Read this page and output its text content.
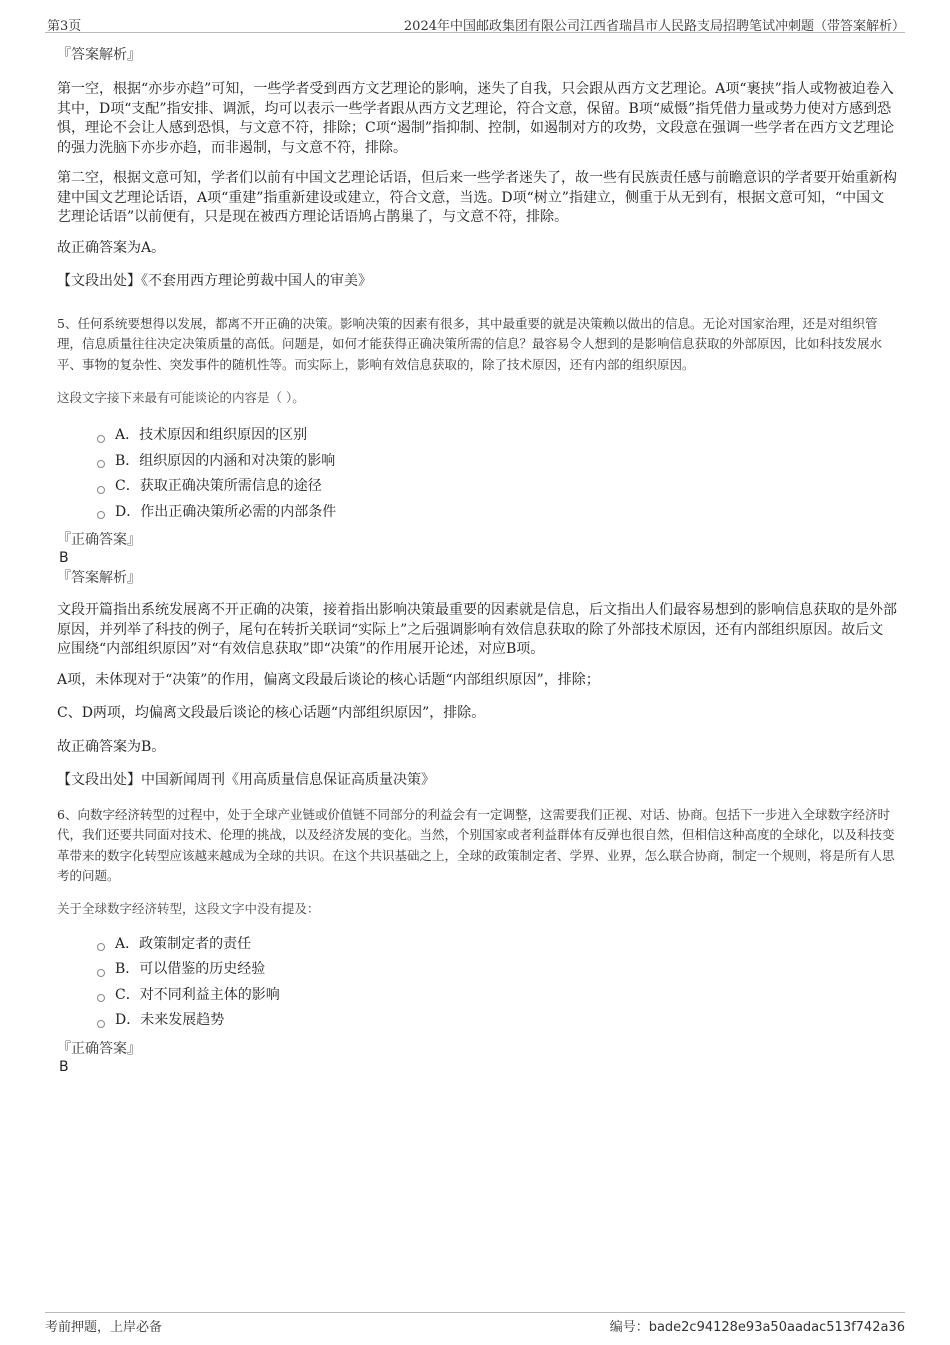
第3页	2024年中国邮政集团有限公司江西省瑞昌市人民路支局招聘笔试冲刺题（带答案解析）
『答案解析』

第一空，根据“亦步亦趋”可知，一些学者受到西方文艺理论的影响，迷失了自我，只会跟从西方文艺理论。A项“裹挟”指人或物被迫卷入其中，D项“支配”指安排、调派，均可以表示一些学者跟从西方文艺理论，符合文意，保留。B项“威慑”指凭借力量或势力使对方感到恐惧，理论不会让人感到恐惧，与文意不符，排除；C项“遏制”指抑制、控制，如遏制对方的攻势，文段意在强调一些学者在西方文艺理论的强力洗脑下亦步亦趋，而非遏制，与文意不符，排除。

第二空，根据文意可知，学者们以前有中国文艺理论话语，但后来一些学者迷失了，故一些有民族责任感与前瞻意识的学者要开始重新构建中国文艺理论话语，A项“重建”指重新建设或建立，符合文意，当选。D项“树立”指建立，侧重于从无到有，根据文意可知，“中国文艺理论话语”以前便有，只是现在被西方理论话语鸠占鹊巢了，与文意不符，排除。

故正确答案为A。

【文段出处】《不套用西方理论剪裁中国人的审美》

5、任何系统要想得以发展，都离不开正确的决策。影响决策的因素有很多，其中最重要的就是决策赖以做出的信息。无论对国家治理，还是对组织管理，信息质量往往决定决策质量的高低。问题是，如何才能获得正确决策所需的信息？最容易令人想到的是影响信息获取的外部原因，比如科技发展水平、事物的复杂性、突发事件的随机性等。而实际上，影响有效信息获取的，除了技术原因，还有内部的组织原因。

这段文字接下来最有可能谈论的内容是（ ）。

A．技术原因和组织原因的区别
B．组织原因的内涵和对决策的影响
C．获取正确决策所需信息的途径
D．作出正确决策所必需的内部条件
『正确答案』
B
『答案解析』

文段开篇指出系统发展离不开正确的决策，接着指出影响决策最重要的因素就是信息，后文指出人们最容易想到的影响信息获取的是外部原因，并列举了科技的例子，尾句在转折关联词“实际上”之后强调影响有效信息获取的除了外部技术原因，还有内部组织原因。故后文应围绕“内部组织原因”对“有效信息获取”即“决策”的作用展开论述，对应B项。

A项，未体现对于“决策”的作用，偏离文段最后谈论的核心话题“内部组织原因”，排除；

C、D两项，均偏离文段最后谈论的核心话题“内部组织原因”，排除。

故正确答案为B。

【文段出处】中国新闻周刊《用高质量信息保证高质量决策》

6、向数字经济转型的过程中，处于全球产业链或价值链不同部分的利益会有一定调整，这需要我们正视、对话、协商。包括下一步进入全球数字经济时代，我们还要共同面对技术、伦理的挑战，以及经济发展的变化。当然，个别国家或者利益群体有反弹也很自然，但相信这种高度的全球化，以及科技变革带来的数字化转型应该越来越成为全球的共识。在这个共识基础之上，全球的政策制定者、学界、业界，怎么联合协商，制定一个规则，将是所有人思考的问题。

关于全球数字经济转型，这段文字中没有提及：

A．政策制定者的责任
B．可以借鉴的历史经验
C．对不同利益主体的影响
D．未来发展趋势
『正确答案』
B
考前押题，上岸必备	编号：bade2c94128e93a50aadac513f742a36
